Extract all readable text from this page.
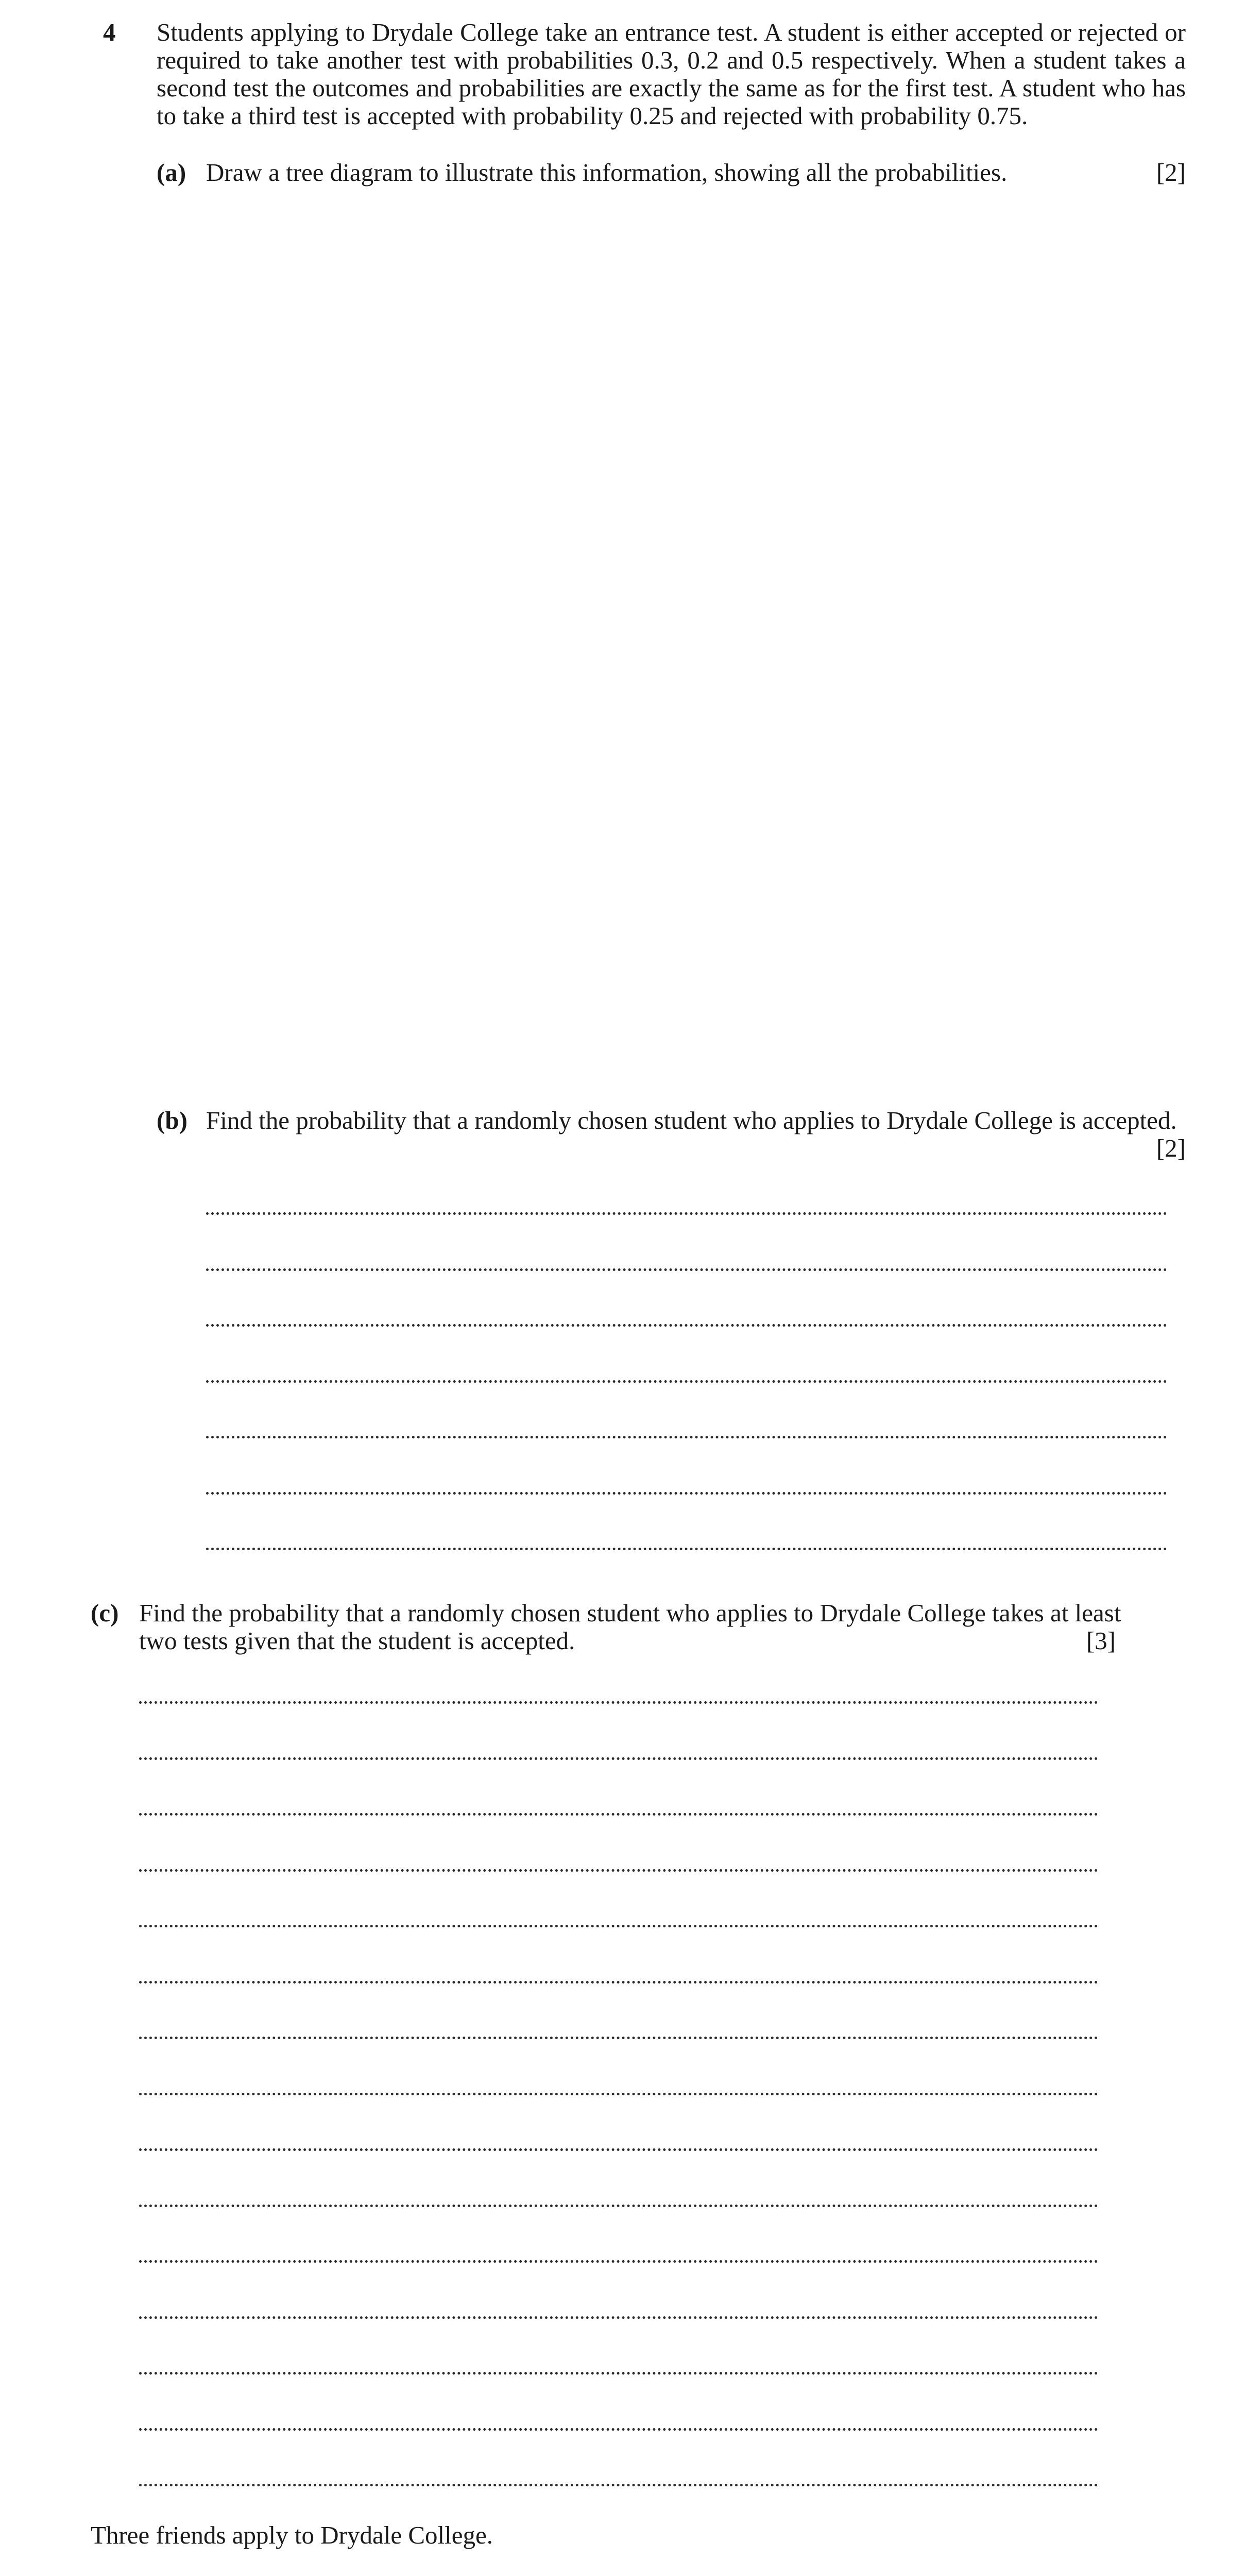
4 Students applying to Drydale College take an entrance test. A student is either accepted or rejected or required to take another test with probabilities 0.3, 0.2 and 0.5 respectively. When a student takes a second test the outcomes and probabilities are exactly the same as for the first test. A student who has to take a third test is accepted with probability 0.25 and rejected with probability 0.75.
(a) Draw a tree diagram to illustrate this information, showing all the probabilities.	[2]
(b) Find the probability that a randomly chosen student who applies to Drydale College is accepted.
[2]
(c) Find the probability that a randomly chosen student who applies to Drydale College takes at least
two tests given that the student is accepted.	[3]
Three friends apply to Drydale College.
